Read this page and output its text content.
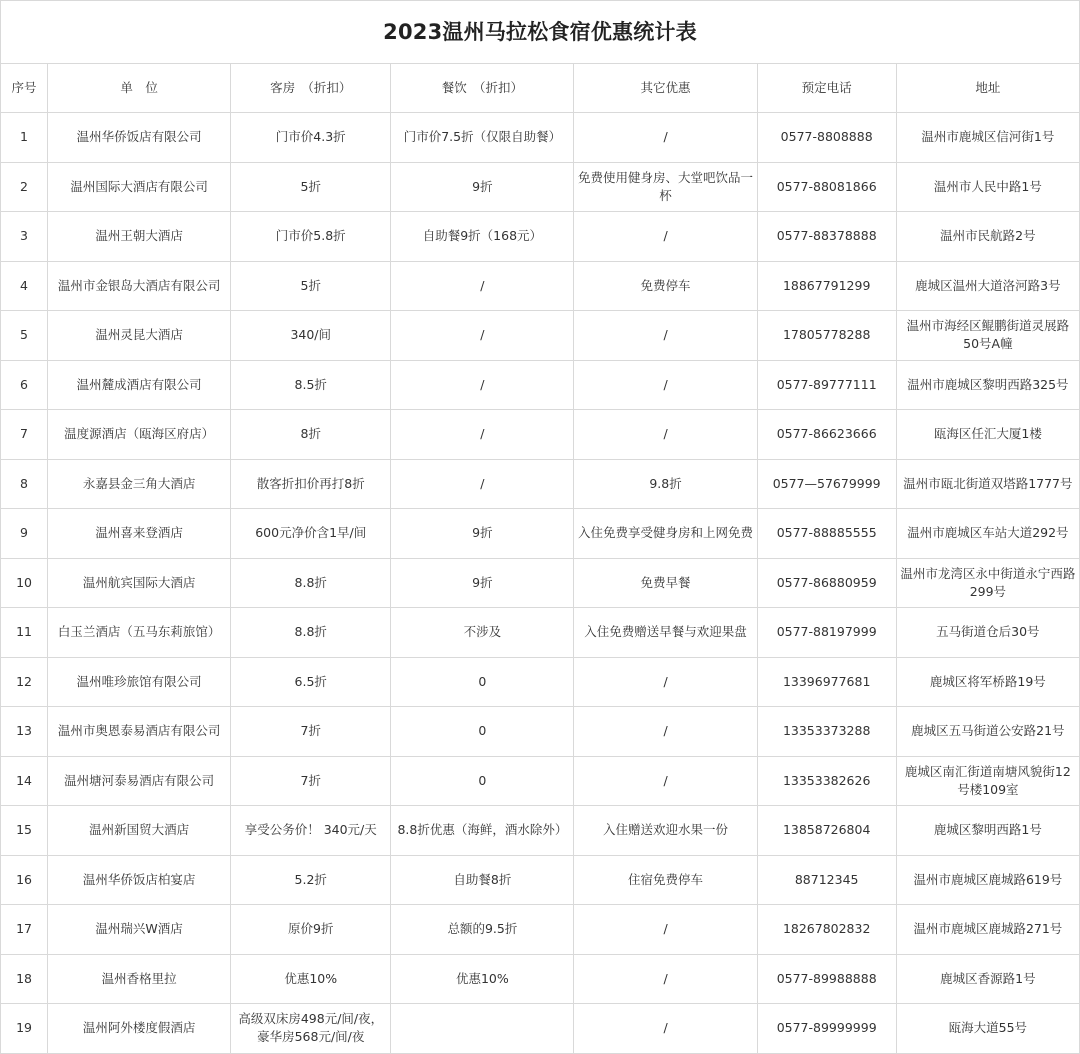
2023温州马拉松食宿优惠统计表						
序号	单　位	客房　（折扣）	餐饮　（折扣）	其它优惠	预定电话	地址
1	温州华侨饭店有限公司	门市价4.3折	门市价7.5折（仅限自助餐）	/	0577-8808888	温州市鹿城区信河街1号
2	温州国际大酒店有限公司	5折	9折	免费使用健身房、大堂吧饮品一杯	0577-88081866	温州市人民中路1号
3	温州王朝大酒店	门市价5.8折	自助餐9折（168元）	/	0577-88378888	温州市民航路2号
4	温州市金银岛大酒店有限公司	5折	/	免费停车	18867791299	鹿城区温州大道洛河路3号
5	温州灵昆大酒店	340/间	/	/	17805778288	温州市海经区鲲鹏街道灵展路50号A幢
6	温州麓成酒店有限公司	8.5折	/	/	0577-89777111	温州市鹿城区黎明西路325号
7	温度源酒店（瓯海区府店）	8折	/	/	0577-86623666	瓯海区任汇大厦1楼
8	永嘉县金三角大酒店	散客折扣价再打8折	/	9.8折	0577—57679999	温州市瓯北街道双塔路1777号
9	温州喜来登酒店	600元净价含1早/间	9折	入住免费享受健身房和上网免费	0577-88885555	温州市鹿城区车站大道292号
10	温州航宾国际大酒店	8.8折	9折	免费早餐	0577-86880959	温州市龙湾区永中街道永宁西路299号
11	白玉兰酒店（五马东莉旅馆）	8.8折	不涉及	入住免费赠送早餐与欢迎果盘	0577-88197999	五马街道仓后30号
12	温州唯珍旅馆有限公司	6.5折	0	/	13396977681	鹿城区将军桥路19号
13	温州市奥恩泰易酒店有限公司	7折	0	/	13353373288	鹿城区五马街道公安路21号
14	温州塘河泰易酒店有限公司	7折	0	/	13353382626	鹿城区南汇街道南塘风貌街12号楼109室
15	温州新国贸大酒店	享受公务价！ 340元/天	8.8折优惠（海鲜，酒水除外）	入住赠送欢迎水果一份	13858726804	鹿城区黎明西路1号
16	温州华侨饭店柏宴店	5.2折	自助餐8折	住宿免费停车	88712345	温州市鹿城区鹿城路619号
17	温州瑞兴W酒店	原价9折	总额的9.5折	/	18267802832	温州市鹿城区鹿城路271号
18	温州香格里拉	优惠10%	优惠10%	/	0577-89988888	鹿城区香源路1号
19	温州阿外楼度假酒店	高级双床房498元/间/夜，豪华房568元/间/夜		/	0577-89999999	瓯海大道55号
